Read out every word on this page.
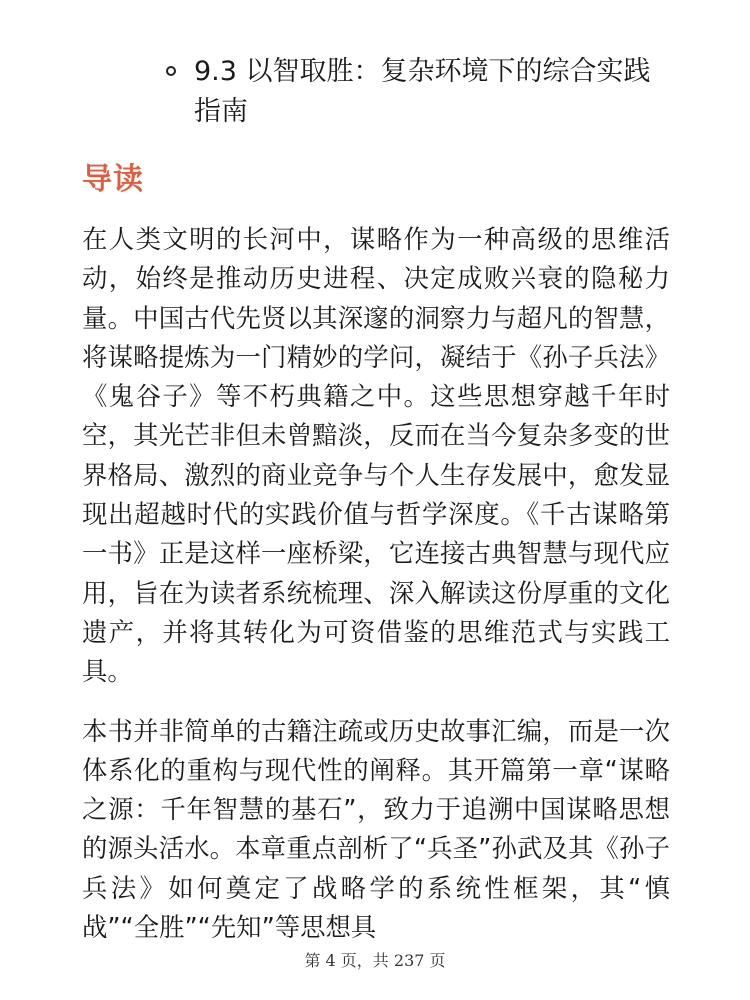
9.3 以智取胜：复杂环境下的综合实践指南
导读

在人类文明的长河中，谋略作为一种高级的思维活动，始终是推动历史进程、决定成败兴衰的隐秘力量。中国古代先贤以其深邃的洞察力与超凡的智慧，将谋略提炼为一门精妙的学问，凝结于《孙子兵法》《鬼谷子》等不朽典籍之中。这些思想穿越千年时空，其光芒非但未曾黯淡，反而在当今复杂多变的世界格局、激烈的商业竞争与个人生存发展中，愈发显现出超越时代的实践价值与哲学深度。《千古谋略第一书》正是这样一座桥梁，它连接古典智慧与现代应用，旨在为读者系统梳理、深入解读这份厚重的文化遗产，并将其转化为可资借鉴的思维范式与实践工具。

本书并非简单的古籍注疏或历史故事汇编，而是一次体系化的重构与现代性的阐释。其开篇第一章“谋略之源：千年智慧的基石”，致力于追溯中国谋略思想的源头活水。本章重点剖析了“兵圣”孙武及其《孙子兵法》如何奠定了战略学的系统性框架，其“慎战”“全胜”“先知”等思想具

第 4 页，共 237 页
